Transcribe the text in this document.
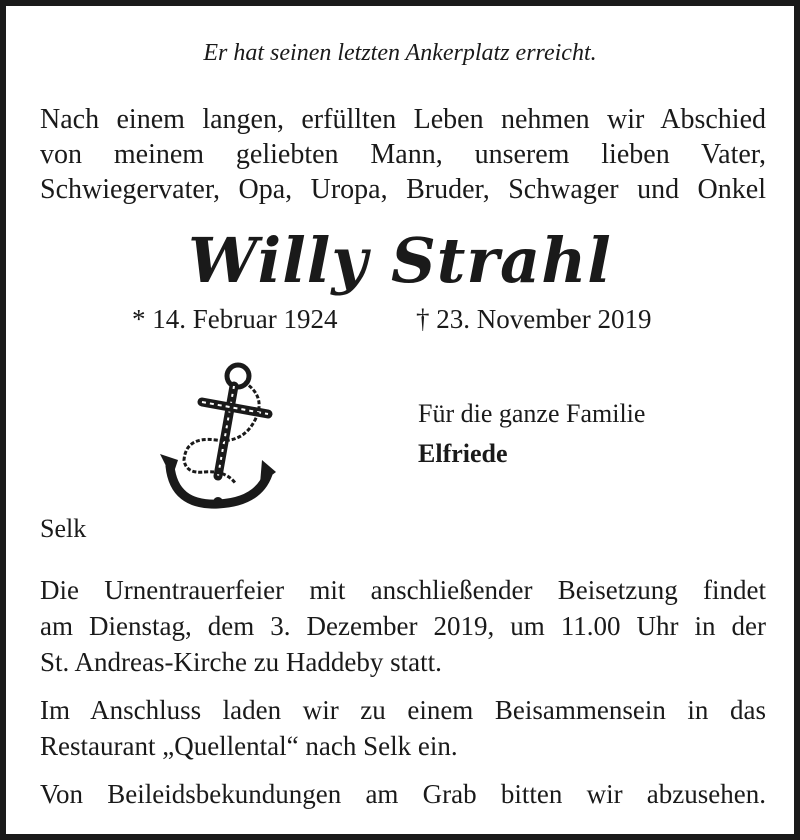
Er hat seinen letzten Ankerplatz erreicht.
Nach einem langen, erfüllten Leben nehmen wir Abschied
von meinem geliebten Mann, unserem lieben Vater,
Schwiegervater, Opa, Uropa, Bruder, Schwager und Onkel
Willy Strahl
* 14. Februar 1924	† 23. November 2019
Für die ganze Familie
Elfriede
Selk
Die Urnentrauerfeier mit anschließender Beisetzung findet
am Dienstag, dem 3. Dezember 2019, um 11.00 Uhr in der
St. Andreas-Kirche zu Haddeby statt.
Im Anschluss laden wir zu einem Beisammensein in das
Restaurant „Quellental“ nach Selk ein.
Von Beileidsbekundungen am Grab bitten wir abzusehen.
